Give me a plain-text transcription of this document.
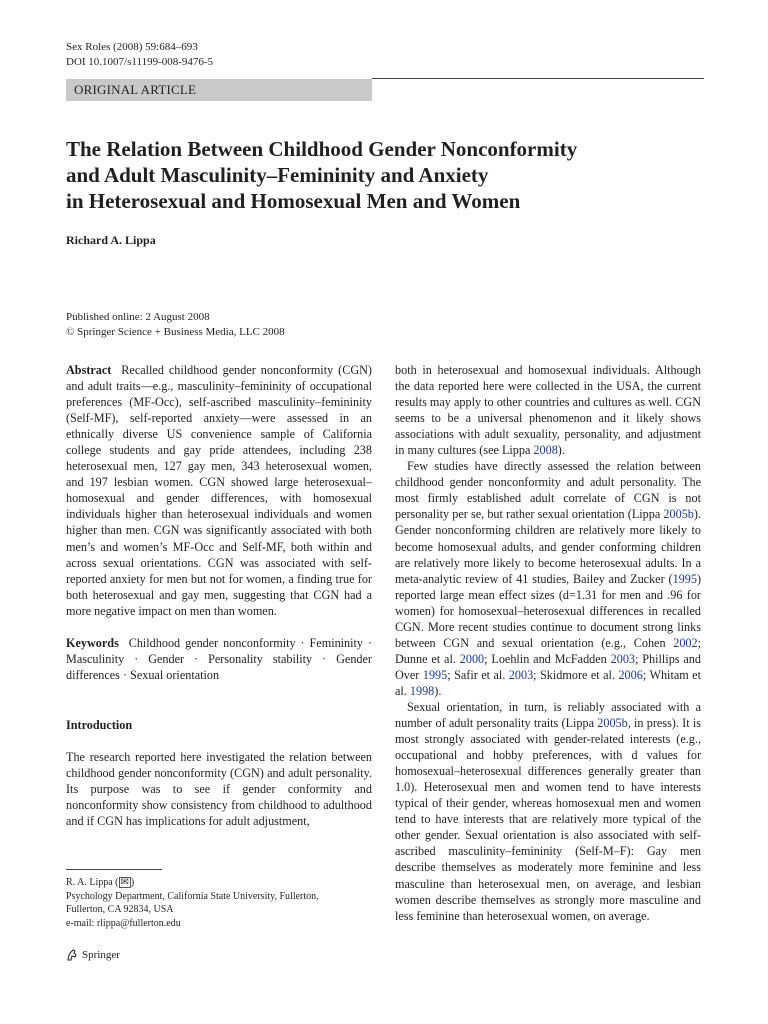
Sex Roles (2008) 59:684–693
DOI 10.1007/s11199-008-9476-5
ORIGINAL ARTICLE
The Relation Between Childhood Gender Nonconformity
and Adult Masculinity–Femininity and Anxiety
in Heterosexual and Homosexual Men and Women
Richard A. Lippa
Published online: 2 August 2008
© Springer Science + Business Media, LLC 2008

Abstract Recalled childhood gender nonconformity (CGN) and adult traits—e.g., masculinity–femininity of occupational preferences (MF-Occ), self-ascribed masculinity–femininity (Self-MF), self-reported anxiety—were assessed in an ethnically diverse US convenience sample of California college students and gay pride attendees, including 238 heterosexual men, 127 gay men, 343 heterosexual women, and 197 lesbian women. CGN showed large heterosexual–homosexual and gender differences, with homosexual individuals higher than heterosexual individuals and women higher than men. CGN was significantly associated with both men’s and women’s MF-Occ and Self-MF, both within and across sexual orientations. CGN was associated with self-reported anxiety for men but not for women, a finding true for both heterosexual and gay men, suggesting that CGN had a more negative impact on men than women.

Keywords Childhood gender nonconformity · Femininity · Masculinity · Gender · Personality stability · Gender differences · Sexual orientation

Introduction

The research reported here investigated the relation between childhood gender nonconformity (CGN) and adult personality. Its purpose was to see if gender conformity and nonconformity show consistency from childhood to adulthood and if CGN has implications for adult adjustment,

both in heterosexual and homosexual individuals. Although the data reported here were collected in the USA, the current results may apply to other countries and cultures as well. CGN seems to be a universal phenomenon and it likely shows associations with adult sexuality, personality, and adjustment in many cultures (see Lippa 2008).

Few studies have directly assessed the relation between childhood gender nonconformity and adult personality. The most firmly established adult correlate of CGN is not personality per se, but rather sexual orientation (Lippa 2005b). Gender nonconforming children are relatively more likely to become homosexual adults, and gender conforming children are relatively more likely to become heterosexual adults. In a meta-analytic review of 41 studies, Bailey and Zucker (1995) reported large mean effect sizes (d=1.31 for men and .96 for women) for homosexual–heterosexual differences in recalled CGN. More recent studies continue to document strong links between CGN and sexual orientation (e.g., Cohen 2002; Dunne et al. 2000; Loehlin and McFadden 2003; Phillips and Over 1995; Safir et al. 2003; Skidmore et al. 2006; Whitam et al. 1998).

Sexual orientation, in turn, is reliably associated with a number of adult personality traits (Lippa 2005b, in press). It is most strongly associated with gender-related interests (e.g., occupational and hobby preferences, with d values for homosexual–heterosexual differences generally greater than 1.0). Heterosexual men and women tend to have interests typical of their gender, whereas homosexual men and women tend to have interests that are relatively more typical of the other gender. Sexual orientation is also associated with self-ascribed masculinity–femininity (Self-M–F): Gay men describe themselves as moderately more feminine and less masculine than heterosexual men, on average, and lesbian women describe themselves as strongly more masculine and less feminine than heterosexual women, on average.

R. A. Lippa ( ✉ )
Psychology Department, California State University, Fullerton,
Fullerton, CA 92834, USA
e-mail: rlippa@fullerton.edu
Springer
